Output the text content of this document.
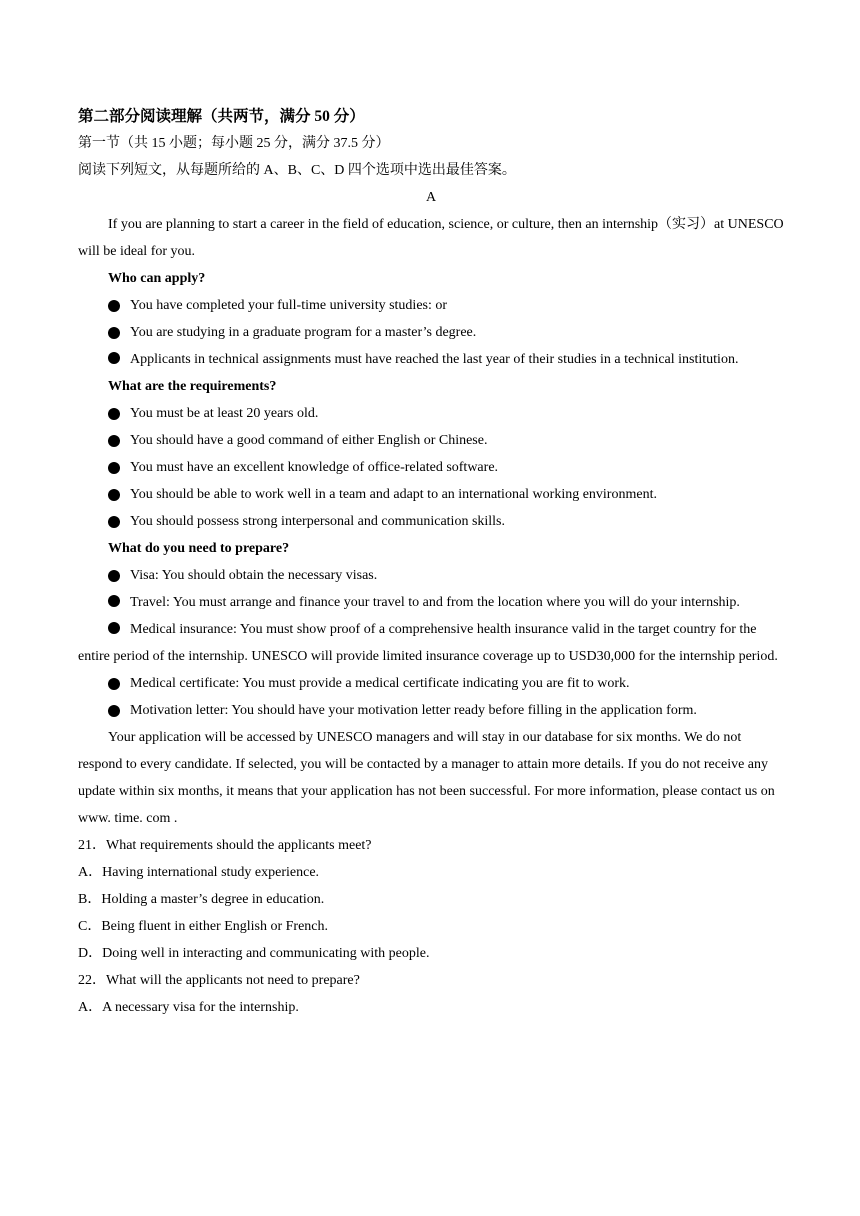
第二部分阅读理解（共两节，满分 50 分）
第一节（共 15 小题；每小题 25 分，满分 37.5 分）
阅读下列短文，从每题所给的 A、B、C、D 四个选项中选出最佳答案。
A
If you are planning to start a career in the field of education, science, or culture, then an internship（实习）at UNESCO will be ideal for you.
Who can apply?
You have completed your full-time university studies: or
You are studying in a graduate program for a master’s degree.
Applicants in technical assignments must have reached the last year of their studies in a technical institution.
What are the requirements?
You must be at least 20 years old.
You should have a good command of either English or Chinese.
You must have an excellent knowledge of office-related software.
You should be able to work well in a team and adapt to an international working environment.
You should possess strong interpersonal and communication skills.
What do you need to prepare?
Visa: You should obtain the necessary visas.
Travel: You must arrange and finance your travel to and from the location where you will do your internship.
Medical insurance: You must show proof of a comprehensive health insurance valid in the target country for the entire period of the internship. UNESCO will provide limited insurance coverage up to USD30,000 for the internship period.
Medical certificate: You must provide a medical certificate indicating you are fit to work.
Motivation letter: You should have your motivation letter ready before filling in the application form.
Your application will be accessed by UNESCO managers and will stay in our database for six months. We do not respond to every candidate. If selected, you will be contacted by a manager to attain more details. If you do not receive any update within six months, it means that your application has not been successful. For more information, please contact us on www. time. com .
21．What requirements should the applicants meet?
A．Having international study experience.
B．Holding a master’s degree in education.
C．Being fluent in either English or French.
D．Doing well in interacting and communicating with people.
22．What will the applicants not need to prepare?
A．A necessary visa for the internship.
